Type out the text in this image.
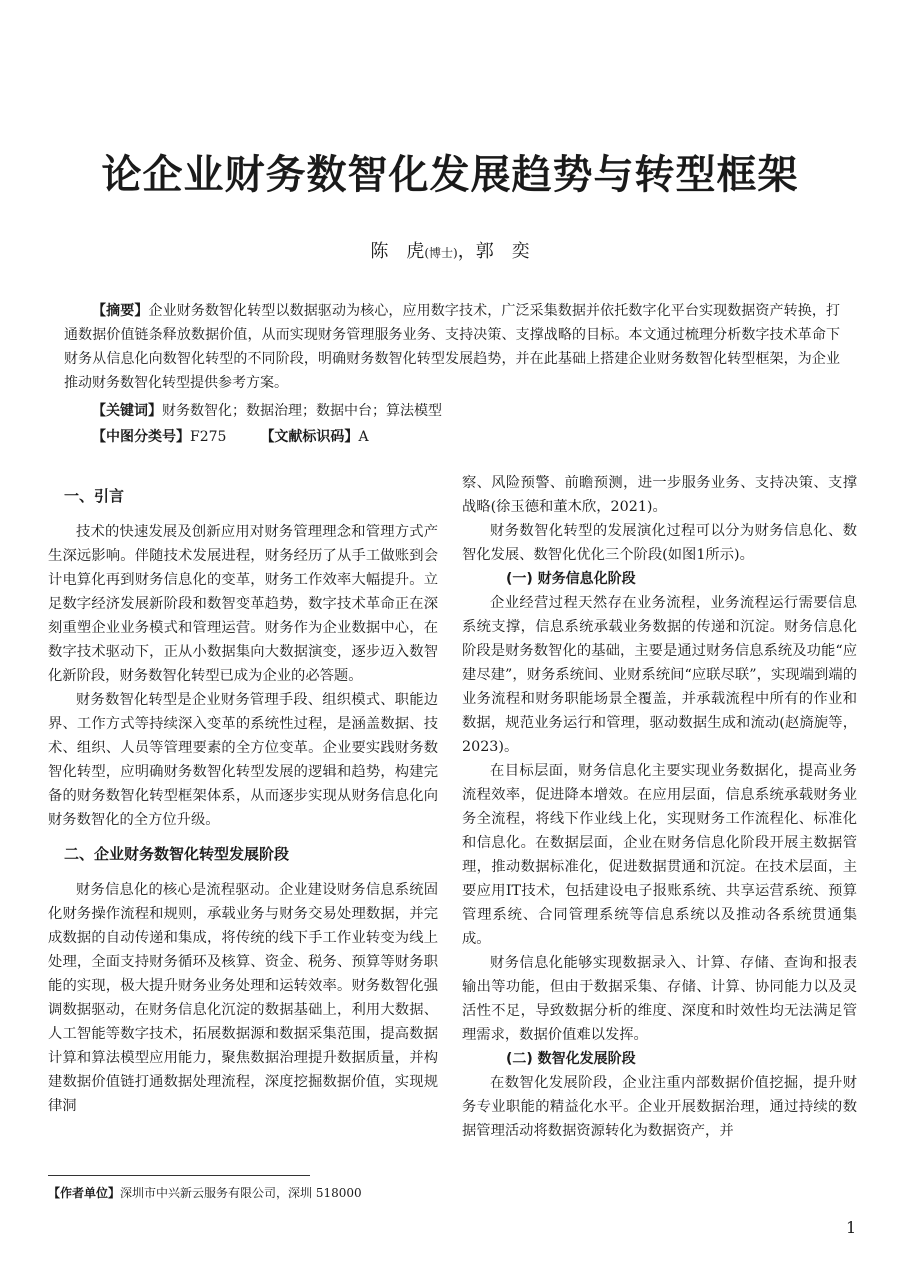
论企业财务数智化发展趋势与转型框架
陈　虎(博士)，郭　奕

【摘要】企业财务数智化转型以数据驱动为核心，应用数字技术，广泛采集数据并依托数字化平台实现数据资产转换，打通数据价值链条释放数据价值，从而实现财务管理服务业务、支持决策、支撑战略的目标。本文通过梳理分析数字技术革命下财务从信息化向数智化转型的不同阶段，明确财务数智化转型发展趋势，并在此基础上搭建企业财务数智化转型框架，为企业推动财务数智化转型提供参考方案。

【关键词】财务数智化；数据治理；数据中台；算法模型
【中图分类号】F275 【文献标识码】A
一、引言

技术的快速发展及创新应用对财务管理理念和管理方式产生深远影响。伴随技术发展进程，财务经历了从手工做账到会计电算化再到财务信息化的变革，财务工作效率大幅提升。立足数字经济发展新阶段和数智变革趋势，数字技术革命正在深刻重塑企业业务模式和管理运营。财务作为企业数据中心，在数字技术驱动下，正从小数据集向大数据演变，逐步迈入数智化新阶段，财务数智化转型已成为企业的必答题。

财务数智化转型是企业财务管理手段、组织模式、职能边界、工作方式等持续深入变革的系统性过程，是涵盖数据、技术、组织、人员等管理要素的全方位变革。企业要实践财务数智化转型，应明确财务数智化转型发展的逻辑和趋势，构建完备的财务数智化转型框架体系，从而逐步实现从财务信息化向财务数智化的全方位升级。

二、企业财务数智化转型发展阶段

财务信息化的核心是流程驱动。企业建设财务信息系统固化财务操作流程和规则，承载业务与财务交易处理数据，并完成数据的自动传递和集成，将传统的线下手工作业转变为线上处理，全面支持财务循环及核算、资金、税务、预算等财务职能的实现，极大提升财务业务处理和运转效率。财务数智化强调数据驱动，在财务信息化沉淀的数据基础上，利用大数据、人工智能等数字技术，拓展数据源和数据采集范围，提高数据计算和算法模型应用能力，聚焦数据治理提升数据质量，并构建数据价值链打通数据处理流程，深度挖掘数据价值，实现规律洞

察、风险预警、前瞻预测，进一步服务业务、支持决策、支撑战略(徐玉德和董木欣，2021)。

财务数智化转型的发展演化过程可以分为财务信息化、数智化发展、数智化优化三个阶段(如图1所示)。

(一) 财务信息化阶段

企业经营过程天然存在业务流程，业务流程运行需要信息系统支撑，信息系统承载业务数据的传递和沉淀。财务信息化阶段是财务数智化的基础，主要是通过财务信息系统及功能“应建尽建”，财务系统间、业财系统间“应联尽联”，实现端到端的业务流程和财务职能场景全覆盖，并承载流程中所有的作业和数据，规范业务运行和管理，驱动数据生成和流动(赵旖旎等，2023)。

在目标层面，财务信息化主要实现业务数据化，提高业务流程效率，促进降本增效。在应用层面，信息系统承载财务业务全流程，将线下作业线上化，实现财务工作流程化、标准化和信息化。在数据层面，企业在财务信息化阶段开展主数据管理，推动数据标准化，促进数据贯通和沉淀。在技术层面，主要应用IT技术，包括建设电子报账系统、共享运营系统、预算管理系统、合同管理系统等信息系统以及推动各系统贯通集成。

财务信息化能够实现数据录入、计算、存储、查询和报表输出等功能，但由于数据采集、存储、计算、协同能力以及灵活性不足，导致数据分析的维度、深度和时效性均无法满足管理需求，数据价值难以发挥。

(二) 数智化发展阶段

在数智化发展阶段，企业注重内部数据价值挖掘，提升财务专业职能的精益化水平。企业开展数据治理，通过持续的数据管理活动将数据资源转化为数据资产，并

【作者单位】深圳市中兴新云服务有限公司，深圳 518000
1
